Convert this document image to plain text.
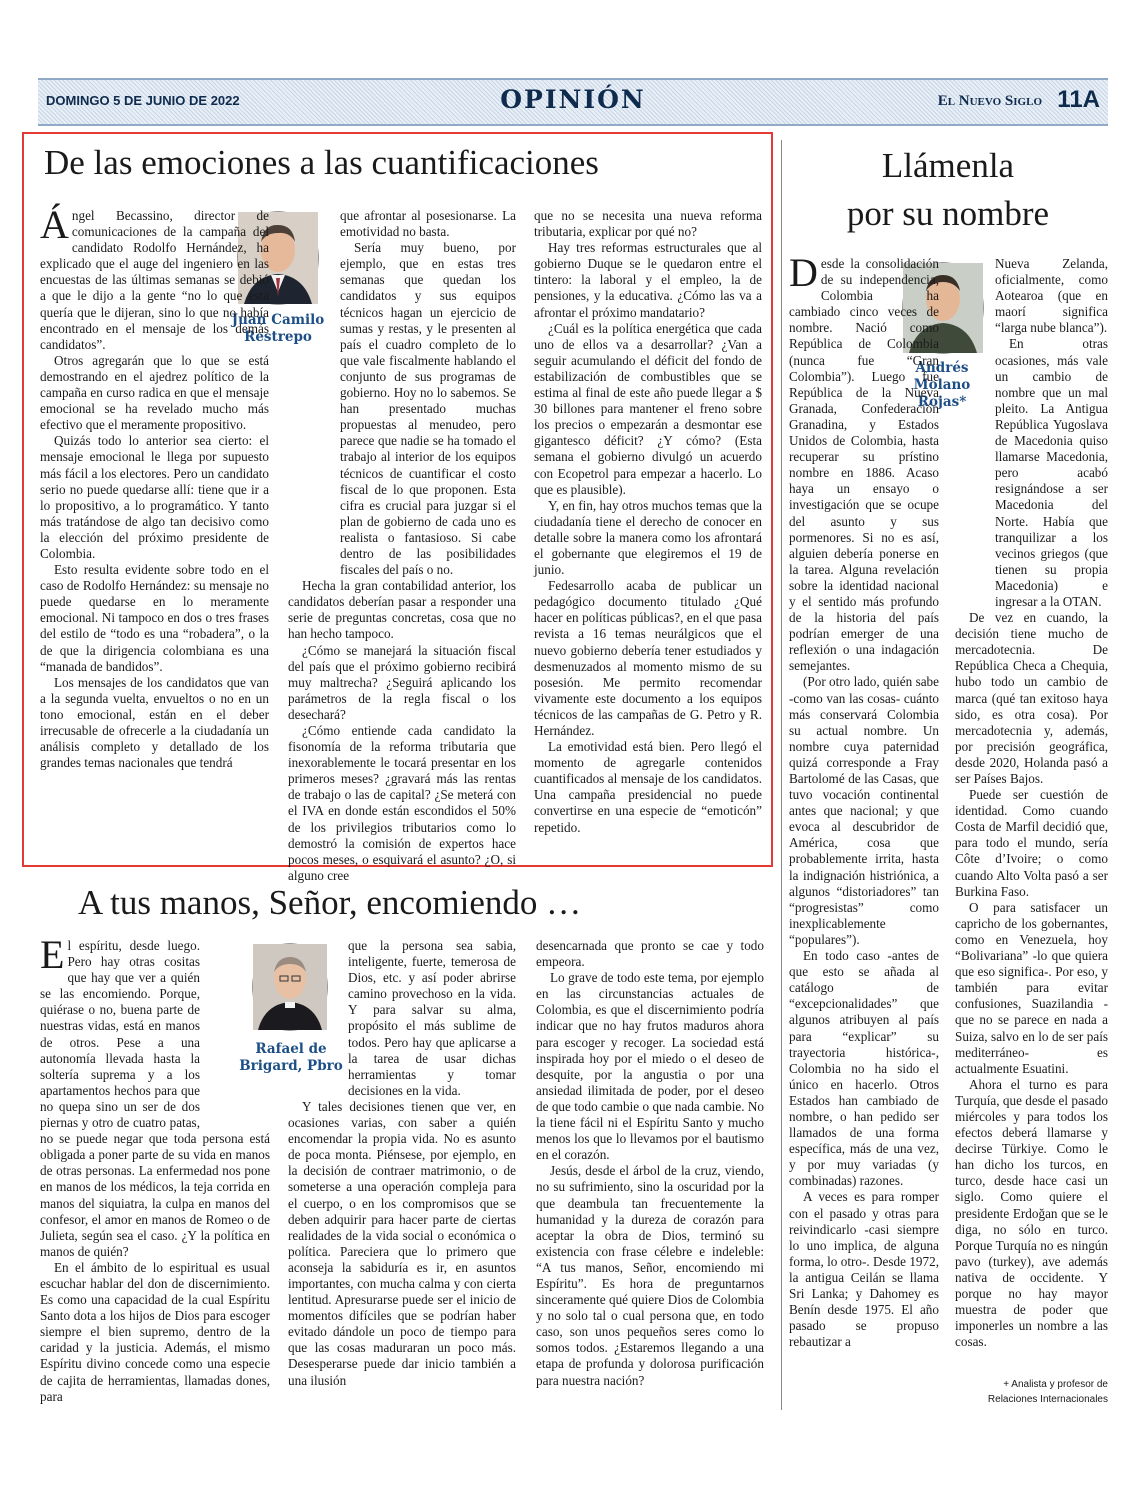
DOMINGO 5 DE JUNIO DE 2022	OPINIÓN	El Nuevo Siglo 11A
De las emociones a las cuantificaciones
Juan Camilo Restrepo

Ángel Becassino, director de comunicaciones de la campaña del candidato Rodolfo Hernández, ha explicado que el auge del ingeniero en las encuestas de las últimas semanas se debió a que le dijo a la gente “no lo que ésta quería que le dijeran, sino lo que no había encontrado en el mensaje de los demás candidatos”.

Otros agregarán que lo que se está demostrando en el ajedrez político de la campaña en curso radica en que el mensaje emocional se ha revelado mucho más efectivo que el meramente propositivo.

Quizás todo lo anterior sea cierto: el mensaje emocional le llega por supuesto más fácil a los electores. Pero un candidato serio no puede quedarse allí: tiene que ir a lo propositivo, a lo programático. Y tanto más tratándose de algo tan decisivo como la elección del próximo presidente de Colombia.

Esto resulta evidente sobre todo en el caso de Rodolfo Hernández: su mensaje no puede quedarse en lo meramente emocional. Ni tampoco en dos o tres frases del estilo de “todo es una “robadera”, o la de que la dirigencia colombiana es una “manada de bandidos”.

Los mensajes de los candidatos que van a la segunda vuelta, envueltos o no en un tono emocional, están en el deber irrecusable de ofrecerle a la ciudadanía un análisis completo y detallado de los grandes temas nacionales que tendrá

que afrontar al posesionarse. La emotividad no basta.

Sería muy bueno, por ejemplo, que en estas tres semanas que quedan los candidatos y sus equipos técnicos hagan un ejercicio de sumas y restas, y le presenten al país el cuadro completo de lo que vale fiscalmente hablando el conjunto de sus programas de gobierno. Hoy no lo sabemos. Se han presentado muchas propuestas al menudeo, pero parece que nadie se ha tomado el trabajo al interior de los equipos técnicos de cuantificar el costo fiscal de lo que proponen. Esta cifra es crucial para juzgar si el plan de gobierno de cada uno es realista o fantasioso. Si cabe dentro de las posibilidades fiscales del país o no.

Hecha la gran contabilidad anterior, los candidatos deberían pasar a responder una serie de preguntas concretas, cosa que no han hecho tampoco.

¿Cómo se manejará la situación fiscal del país que el próximo gobierno recibirá muy maltrecha? ¿Seguirá aplicando los parámetros de la regla fiscal o los desechará?

¿Cómo entiende cada candidato la fisonomía de la reforma tributaria que inexorablemente le tocará presentar en los primeros meses? ¿gravará más las rentas de trabajo o las de capital? ¿Se meterá con el IVA en donde están escondidos el 50% de los privilegios tributarios como lo demostró la comisión de expertos hace pocos meses, o esquivará el asunto? ¿O, si alguno cree

que no se necesita una nueva reforma tributaria, explicar por qué no?

Hay tres reformas estructurales que al gobierno Duque se le quedaron entre el tintero: la laboral y el empleo, la de pensiones, y la educativa. ¿Cómo las va a afrontar el próximo mandatario?

¿Cuál es la política energética que cada uno de ellos va a desarrollar? ¿Van a seguir acumulando el déficit del fondo de estabilización de combustibles que se estima al final de este año puede llegar a $ 30 billones para mantener el freno sobre los precios o empezarán a desmontar ese gigantesco déficit? ¿Y cómo? (Esta semana el gobierno divulgó un acuerdo con Ecopetrol para empezar a hacerlo. Lo que es plausible).

Y, en fin, hay otros muchos temas que la ciudadanía tiene el derecho de conocer en detalle sobre la manera como los afrontará el gobernante que elegiremos el 19 de junio.

Fedesarrollo acaba de publicar un pedagógico documento titulado ¿Qué hacer en políticas públicas?, en el que pasa revista a 16 temas neurálgicos que el nuevo gobierno debería tener estudiados y desmenuzados al momento mismo de su posesión. Me permito recomendar vivamente este documento a los equipos técnicos de las campañas de G. Petro y R. Hernández.

La emotividad está bien. Pero llegó el momento de agregarle contenidos cuantificados al mensaje de los candidatos. Una campaña presidencial no puede convertirse en una especie de “emoticón” repetido.

A tus manos, Señor, encomiendo …
Rafael de Brigard, Pbro

El espíritu, desde luego. Pero hay otras cositas que hay que ver a quién se las encomiendo. Porque, quiérase o no, buena parte de nuestras vidas, está en manos de otros. Pese a una autonomía llevada hasta la soltería suprema y a los apartamentos hechos para que no quepa sino un ser de dos piernas y otro de cuatro patas, no se puede negar que toda persona está obligada a poner parte de su vida en manos de otras personas. La enfermedad nos pone en manos de los médicos, la teja corrida en manos del siquiatra, la culpa en manos del confesor, el amor en manos de Romeo o de Julieta, según sea el caso. ¿Y la política en manos de quién?

En el ámbito de lo espiritual es usual escuchar hablar del don de discernimiento. Es como una capacidad de la cual Espíritu Santo dota a los hijos de Dios para escoger siempre el bien supremo, dentro de la caridad y la justicia. Además, el mismo Espíritu divino concede como una especie de cajita de herramientas, llamadas dones, para

que la persona sea sabia, inteligente, fuerte, temerosa de Dios, etc. y así poder abrirse camino provechoso en la vida. Y para salvar su alma, propósito el más sublime de todos. Pero hay que aplicarse a la tarea de usar dichas herramientas y tomar decisiones en la vida.

Y tales decisiones tienen que ver, en ocasiones varias, con saber a quién encomendar la propia vida. No es asunto de poca monta. Piénsese, por ejemplo, en la decisión de contraer matrimonio, o de someterse a una operación compleja para el cuerpo, o en los compromisos que se deben adquirir para hacer parte de ciertas realidades de la vida social o económica o política. Pareciera que lo primero que aconseja la sabiduría es ir, en asuntos importantes, con mucha calma y con cierta lentitud. Apresurarse puede ser el inicio de momentos difíciles que se podrían haber evitado dándole un poco de tiempo para que las cosas maduraran un poco más. Desesperarse puede dar inicio también a una ilusión

desencarnada que pronto se cae y todo empeora.

Lo grave de todo este tema, por ejemplo en las circunstancias actuales de Colombia, es que el discernimiento podría indicar que no hay frutos maduros ahora para escoger y recoger. La sociedad está inspirada hoy por el miedo o el deseo de desquite, por la angustia o por una ansiedad ilimitada de poder, por el deseo de que todo cambie o que nada cambie. No la tiene fácil ni el Espíritu Santo y mucho menos los que lo llevamos por el bautismo en el corazón.

Jesús, desde el árbol de la cruz, viendo, no su sufrimiento, sino la oscuridad por la que deambula tan frecuentemente la humanidad y la dureza de corazón para aceptar la obra de Dios, terminó su existencia con frase célebre e indeleble: “A tus manos, Señor, encomiendo mi Espíritu”. Es hora de preguntarnos sinceramente qué quiere Dios de Colombia y no solo tal o cual persona que, en todo caso, son unos pequeños seres como lo somos todos. ¿Estaremos llegando a una etapa de profunda y dolorosa purificación para nuestra nación?

Llámenla
por su nombre
Andrés Molano Rojas*

Desde la consolidación de su independencia, Colombia ha cambiado cinco veces de nombre. Nació como República de Colombia (nunca fue “Gran Colombia”). Luego fue República de la Nueva Granada, Confederación Granadina, y Estados Unidos de Colombia, hasta recuperar su prístino nombre en 1886. Acaso haya un ensayo o investigación que se ocupe del asunto y sus pormenores. Si no es así, alguien debería ponerse en la tarea. Alguna revelación sobre la identidad nacional y el sentido más profundo de la historia del país podrían emerger de una reflexión o una indagación semejantes.

(Por otro lado, quién sabe -como van las cosas- cuánto más conservará Colombia su actual nombre. Un nombre cuya paternidad quizá corresponde a Fray Bartolomé de las Casas, que tuvo vocación continental antes que nacional; y que evoca al descubridor de América, cosa que probablemente irrita, hasta la indignación histriónica, a algunos “distoriadores” tan “progresistas” como inexplicablemente “populares”).

En todo caso -antes de que esto se añada al catálogo de “excepcionalidades” que algunos atribuyen al país para “explicar” su trayectoria histórica-, Colombia no ha sido el único en hacerlo. Otros Estados han cambiado de nombre, o han pedido ser llamados de una forma específica, más de una vez, y por muy variadas (y combinadas) razones.

A veces es para romper con el pasado y otras para reivindicarlo -casi siempre lo uno implica, de alguna forma, lo otro-. Desde 1972, la antigua Ceilán se llama Sri Lanka; y Dahomey es Benín desde 1975. El año pasado se propuso rebautizar a

Nueva Zelanda, oficialmente, como Aotearoa (que en maorí significa “larga nube blanca”).

En otras ocasiones, más vale un cambio de nombre que un mal pleito. La Antigua República Yugoslava de Macedonia quiso llamarse Macedonia, pero acabó resignándose a ser Macedonia del Norte. Había que tranquilizar a los vecinos griegos (que tienen su propia Macedonia) e ingresar a la OTAN.

De vez en cuando, la decisión tiene mucho de mercadotecnia. De República Checa a Chequia, hubo todo un cambio de marca (qué tan exitoso haya sido, es otra cosa). Por mercadotecnia y, además, por precisión geográfica, desde 2020, Holanda pasó a ser Países Bajos.

Puede ser cuestión de identidad. Como cuando Costa de Marfil decidió que, para todo el mundo, sería Côte d’Ivoire; o como cuando Alto Volta pasó a ser Burkina Faso.

O para satisfacer un capricho de los gobernantes, como en Venezuela, hoy “Bolivariana” -lo que quiera que eso significa-. Por eso, y también para evitar confusiones, Suazilandia -que no se parece en nada a Suiza, salvo en lo de ser país mediterráneo- es actualmente Esuatini.

Ahora el turno es para Turquía, que desde el pasado miércoles y para todos los efectos deberá llamarse y decirse Türkiye. Como le han dicho los turcos, en turco, desde hace casi un siglo. Como quiere el presidente Erdoğan que se le diga, no sólo en turco. Porque Turquía no es ningún pavo (turkey), ave además nativa de occidente. Y porque no hay mayor muestra de poder que imponerles un nombre a las cosas.

+ Analista y profesor de
Relaciones Internacionales
